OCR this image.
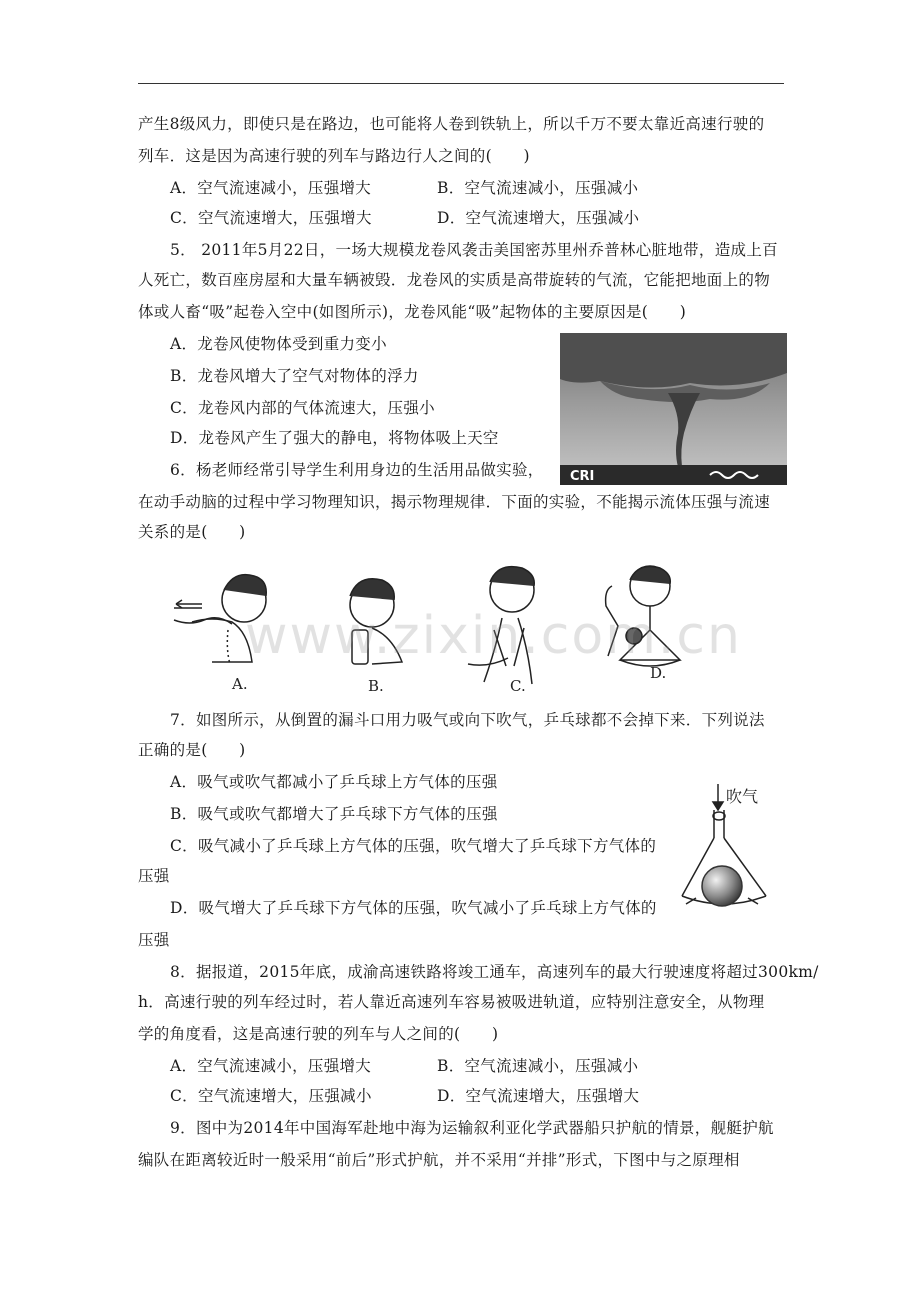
产生8级风力，即使只是在路边，也可能将人卷到铁轨上，所以千万不要太靠近高速行驶的
列车．这是因为高速行驶的列车与路边行人之间的(　　)
A．空气流速减小，压强增大	B．空气流速减小，压强减小
C．空气流速增大，压强增大	D．空气流速增大，压强减小
5． 2011年5月22日，一场大规模龙卷风袭击美国密苏里州乔普林心脏地带，造成上百
人死亡，数百座房屋和大量车辆被毁．龙卷风的实质是高带旋转的气流，它能把地面上的物
体或人畜“吸”起卷入空中(如图所示)，龙卷风能“吸”起物体的主要原因是(　　)
A．龙卷风使物体受到重力变小
B．龙卷风增大了空气对物体的浮力
C．龙卷风内部的气体流速大，压强小
D．龙卷风产生了强大的静电，将物体吸上天空
CRI
6．杨老师经常引导学生利用身边的生活用品做实验，
在动手动脑的过程中学习物理知识，揭示物理规律．下面的实验，不能揭示流体压强与流速
关系的是(　　)
A.	B.	C.
D.
www.zixin.com.cn
7．如图所示，从倒置的漏斗口用力吸气或向下吹气，乒乓球都不会掉下来．下列说法
正确的是(　　)
A．吸气或吹气都减小了乒乓球上方气体的压强
B．吸气或吹气都增大了乒乓球下方气体的压强
C．吸气减小了乒乓球上方气体的压强，吹气增大了乒乓球下方气体的
压强
D．吸气增大了乒乓球下方气体的压强，吹气减小了乒乓球上方气体的
压强
吹气
8．据报道，2015年底，成渝高速铁路将竣工通车，高速列车的最大行驶速度将超过300km/
h．高速行驶的列车经过时，若人靠近高速列车容易被吸进轨道，应特别注意安全，从物理
学的角度看，这是高速行驶的列车与人之间的(　　)
A．空气流速减小，压强增大	B．空气流速减小，压强减小
C．空气流速增大，压强减小	D．空气流速增大，压强增大
9．图中为2014年中国海军赴地中海为运输叙利亚化学武器船只护航的情景，舰艇护航
编队在距离较近时一般采用“前后”形式护航，并不采用“并排”形式，下图中与之原理相
